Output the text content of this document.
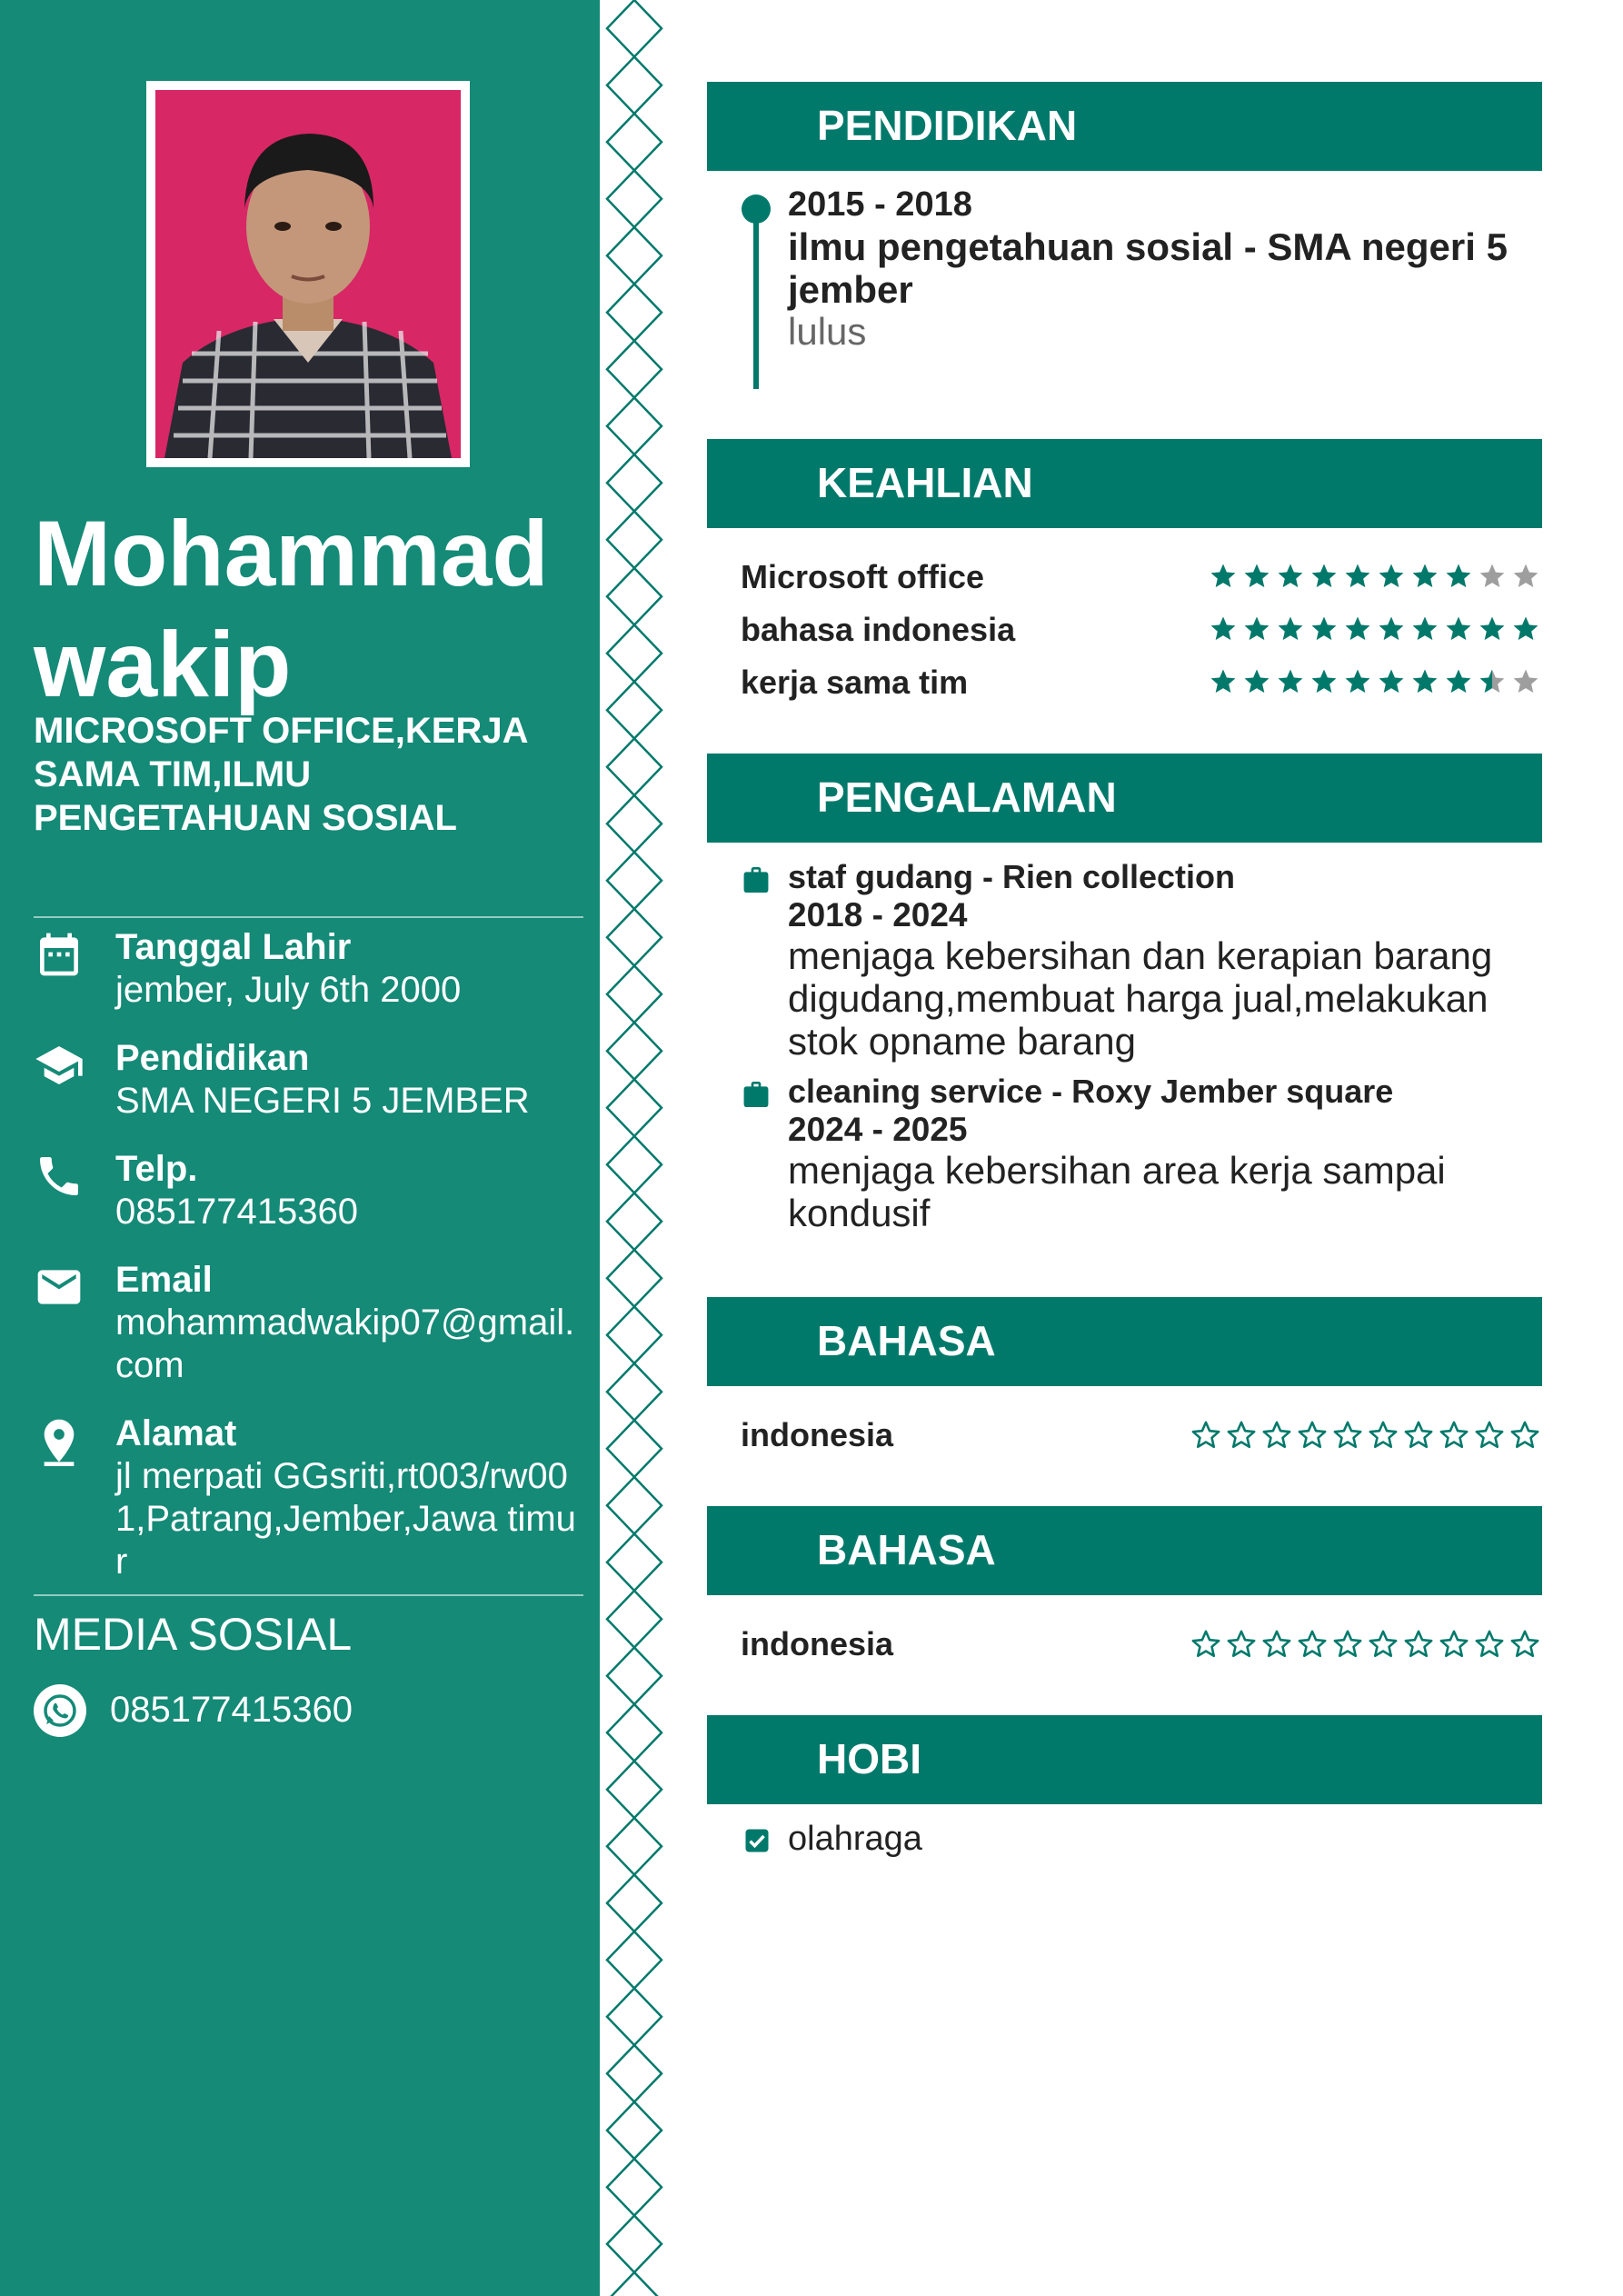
Mohammad
wakip
MICROSOFT OFFICE,KERJA SAMA TIM,ILMU PENGETAHUAN SOSIAL
Tanggal Lahir
jember, July 6th 2000
Pendidikan
SMA NEGERI 5 JEMBER
Telp.
085177415360
Email
mohammadwakip07@gmail.com
Alamat
jl merpati GGsriti,rt003/rw001,Patrang,Jember,Jawa timur
MEDIA SOSIAL
085177415360
PENDIDIKAN
2015 - 2018
ilmu pengetahuan sosial - SMA negeri 5 jember
lulus
KEAHLIAN
Microsoft office
bahasa indonesia
kerja sama tim
PENGALAMAN
staf gudang - Rien collection
2018 - 2024
menjaga kebersihan dan kerapian barang digudang,membuat harga jual,melakukan stok opname barang
cleaning service - Roxy Jember square
2024 - 2025
menjaga kebersihan area kerja sampai kondusif
BAHASA
indonesia
BAHASA
indonesia
HOBI
olahraga
